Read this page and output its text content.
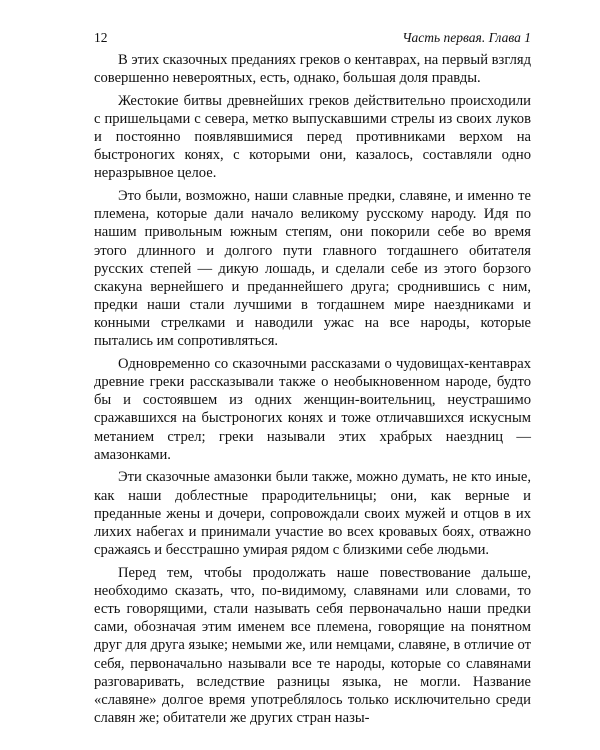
12	Часть первая. Глава 1

В этих сказочных преданиях греков о кентаврах, на первый взгляд совершенно невероятных, есть, однако, большая доля правды.

Жестокие битвы древнейших греков действительно происходили с пришельцами с севера, метко выпускавшими стрелы из своих луков и постоянно появлявшимися перед противниками верхом на быстроногих конях, с которыми они, казалось, составляли одно неразрывное целое.

Это были, возможно, наши славные предки, славяне, и именно те племена, которые дали начало великому русскому народу. Идя по нашим привольным южным степям, они покорили себе во время этого длинного и долгого пути главного тогдашнего обитателя русских степей — дикую лошадь, и сделали себе из этого борзого скакуна вернейшего и преданнейшего друга; сроднившись с ним, предки наши стали лучшими в тогдашнем мире наездниками и конными стрелками и наводили ужас на все народы, которые пытались им сопротивляться.

Одновременно со сказочными рассказами о чудовищах-кентаврах древние греки рассказывали также о необыкновенном народе, будто бы и состоявшем из одних женщин-воительниц, неустрашимо сражавшихся на быстроногих конях и тоже отличавшихся искусным метанием стрел; греки называли этих храбрых наездниц — амазонками.

Эти сказочные амазонки были также, можно думать, не кто иные, как наши доблестные прародительницы; они, как верные и преданные жены и дочери, сопровождали своих мужей и отцов в их лихих набегах и принимали участие во всех кровавых боях, отважно сражаясь и бесстрашно умирая рядом с близкими себе людьми.

Перед тем, чтобы продолжать наше повествование дальше, необходимо сказать, что, по-видимому, славянами или словами, то есть говорящими, стали называть себя первоначально наши предки сами, обозначая этим именем все племена, говорящие на понятном друг для друга языке; немыми же, или немцами, славяне, в отличие от себя, первоначально называли все те народы, которые со славянами разговаривать, вследствие разницы языка, не могли. Название «славяне» долгое время употреблялось только исключительно среди славян же; обитатели же других стран назы-
